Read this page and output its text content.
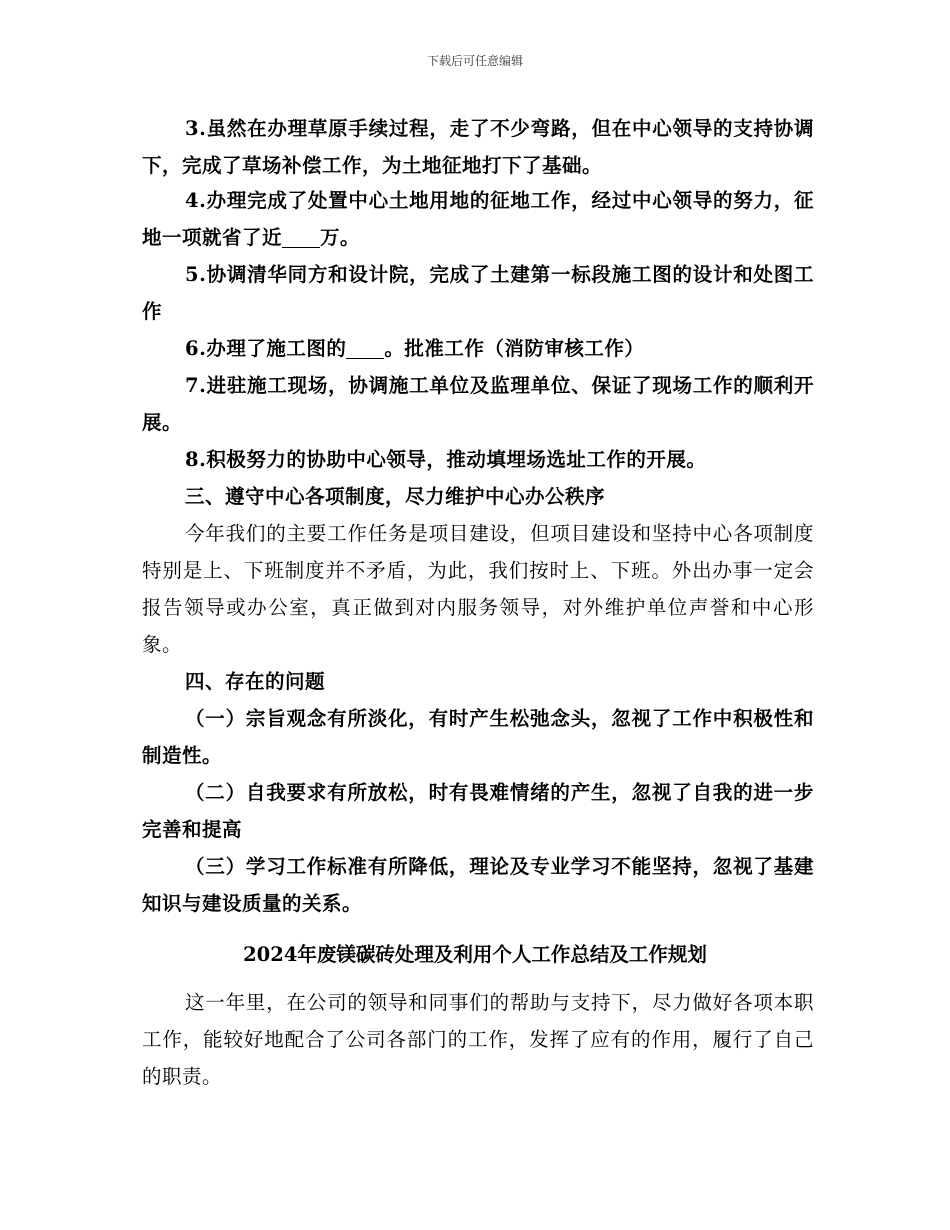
下载后可任意编辑

3.虽然在办理草原手续过程，走了不少弯路，但在中心领导的支持协调下，完成了草场补偿工作，为土地征地打下了基础。

4.办理完成了处置中心土地用地的征地工作，经过中心领导的努力，征地一项就省了近 万。

5.协调清华同方和设计院，完成了土建第一标段施工图的设计和处图工作

6.办理了施工图的 。批准工作（消防审核工作）

7.进驻施工现场，协调施工单位及监理单位、保证了现场工作的顺利开展。

8.积极努力的协助中心领导，推动填埋场选址工作的开展。

三、遵守中心各项制度，尽力维护中心办公秩序

今年我们的主要工作任务是项目建设，但项目建设和坚持中心各项制度特别是上、下班制度并不矛盾，为此，我们按时上、下班。外出办事一定会报告领导或办公室，真正做到对内服务领导，对外维护单位声誉和中心形象。

四、存在的问题

（一）宗旨观念有所淡化，有时产生松弛念头，忽视了工作中积极性和制造性。

（二）自我要求有所放松，时有畏难情绪的产生，忽视了自我的进一步完善和提高

（三）学习工作标准有所降低，理论及专业学习不能坚持，忽视了基建知识与建设质量的关系。

2024年废镁碳砖处理及利用个人工作总结及工作规划

这一年里，在公司的领导和同事们的帮助与支持下，尽力做好各项本职工作，能较好地配合了公司各部门的工作，发挥了应有的作用，履行了自己的职责。
